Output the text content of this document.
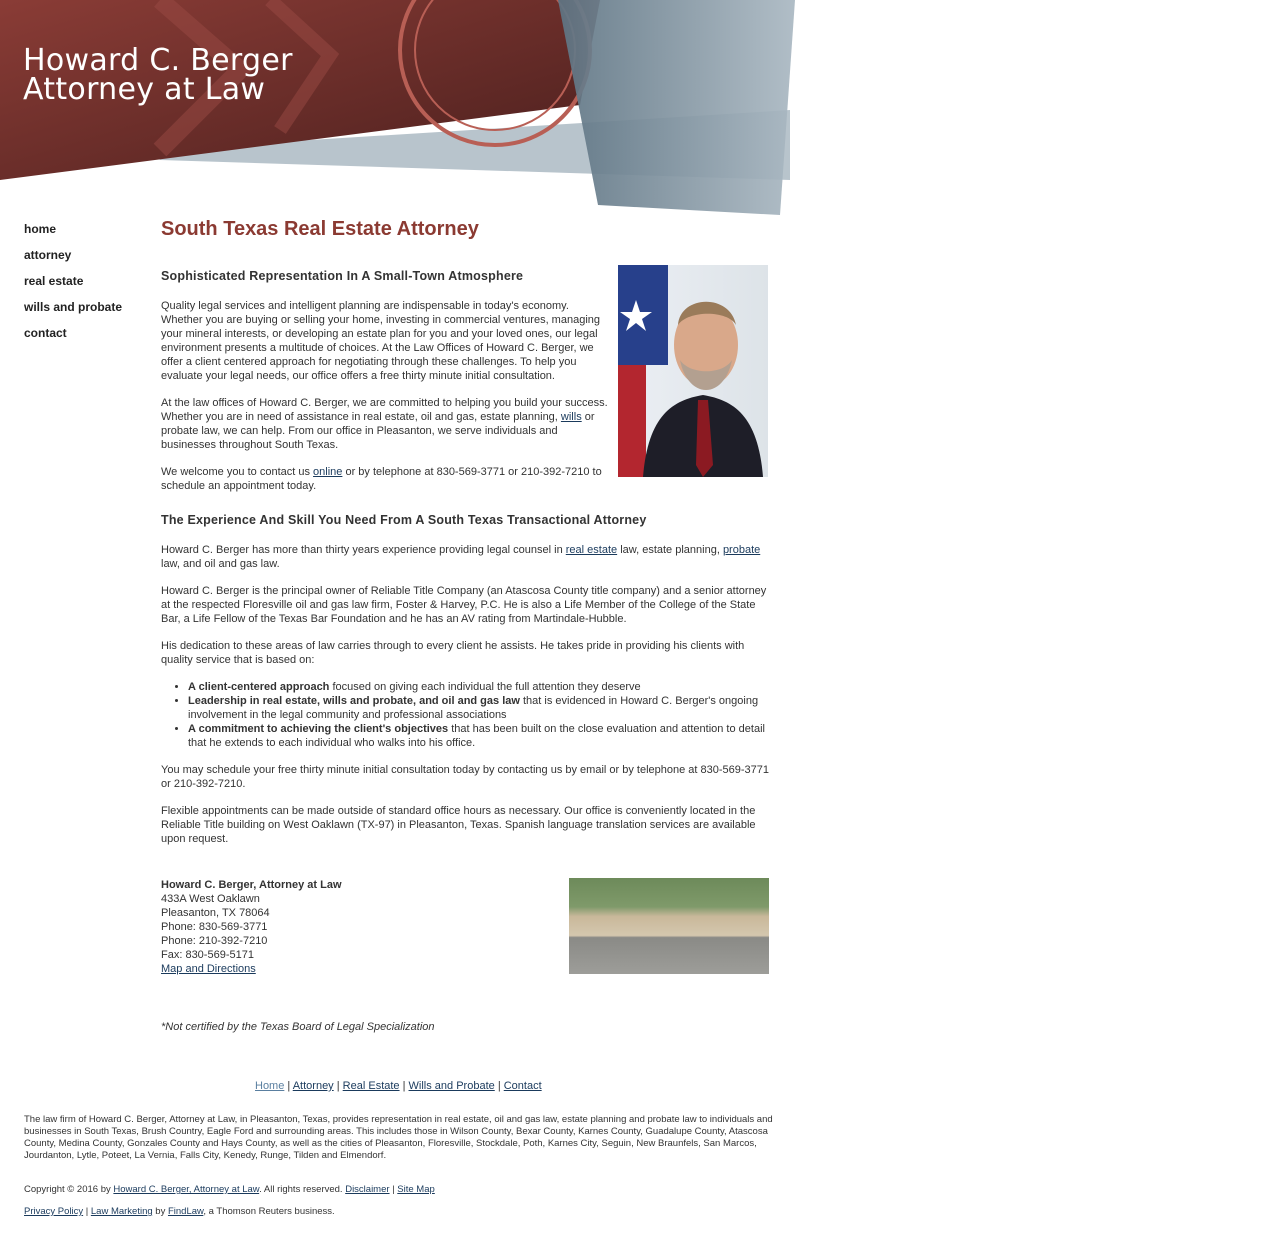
Howard C. Berger
Attorney at Law
home
attorney
real estate
wills and probate
contact
South Texas Real Estate Attorney
Sophisticated Representation In A Small-Town Atmosphere

Quality legal services and intelligent planning are indispensable in today's economy. Whether you are buying or selling your home, investing in commercial ventures, managing your mineral interests, or developing an estate plan for you and your loved ones, our legal environment presents a multitude of choices. At the Law Offices of Howard C. Berger, we offer a client centered approach for negotiating through these challenges. To help you evaluate your legal needs, our office offers a free thirty minute initial consultation.

At the law offices of Howard C. Berger, we are committed to helping you build your success. Whether you are in need of assistance in real estate, oil and gas, estate planning, wills or probate law, we can help. From our office in Pleasanton, we serve individuals and businesses throughout South Texas.

We welcome you to contact us online or by telephone at 830-569-3771 or 210-392-7210 to schedule an appointment today.

The Experience And Skill You Need From A South Texas Transactional Attorney

Howard C. Berger has more than thirty years experience providing legal counsel in real estate law, estate planning, probate law, and oil and gas law.

Howard C. Berger is the principal owner of Reliable Title Company (an Atascosa County title company) and a senior attorney at the respected Floresville oil and gas law firm, Foster & Harvey, P.C. He is also a Life Member of the College of the State Bar, a Life Fellow of the Texas Bar Foundation and he has an AV rating from Martindale-Hubble.

His dedication to these areas of law carries through to every client he assists. He takes pride in providing his clients with quality service that is based on:

• A client-centered approach focused on giving each individual the full attention they deserve
• Leadership in real estate, wills and probate, and oil and gas law that is evidenced in Howard C. Berger's ongoing involvement in the legal community and professional associations
• A commitment to achieving the client's objectives that has been built on the close evaluation and attention to detail that he extends to each individual who walks into his office.

You may schedule your free thirty minute initial consultation today by contacting us by email or by telephone at 830-569-3771 or 210-392-7210.

Flexible appointments can be made outside of standard office hours as necessary. Our office is conveniently located in the Reliable Title building on West Oaklawn (TX-97) in Pleasanton, Texas. Spanish language translation services are available upon request.

Howard C. Berger, Attorney at Law
433A West Oaklawn
Pleasanton, TX 78064
Phone: 830-569-3771
Phone: 210-392-7210
Fax: 830-569-5171
Map and Directions

*Not certified by the Texas Board of Legal Specialization

Home | Attorney | Real Estate | Wills and Probate | Contact
The law firm of Howard C. Berger, Attorney at Law, in Pleasanton, Texas, provides representation in real estate, oil and gas law, estate planning and probate law to individuals and businesses in South Texas, Brush Country, Eagle Ford and surrounding areas. This includes those in Wilson County, Bexar County, Karnes County, Guadalupe County, Atascosa County, Medina County, Gonzales County and Hays County, as well as the cities of Pleasanton, Floresville, Stockdale, Poth, Karnes City, Seguin, New Braunfels, San Marcos, Jourdanton, Lytle, Poteet, La Vernia, Falls City, Kenedy, Runge, Tilden and Elmendorf.
Copyright © 2016 by Howard C. Berger, Attorney at Law. All rights reserved. Disclaimer | Site Map
Privacy Policy | Law Marketing by FindLaw, a Thomson Reuters business.
